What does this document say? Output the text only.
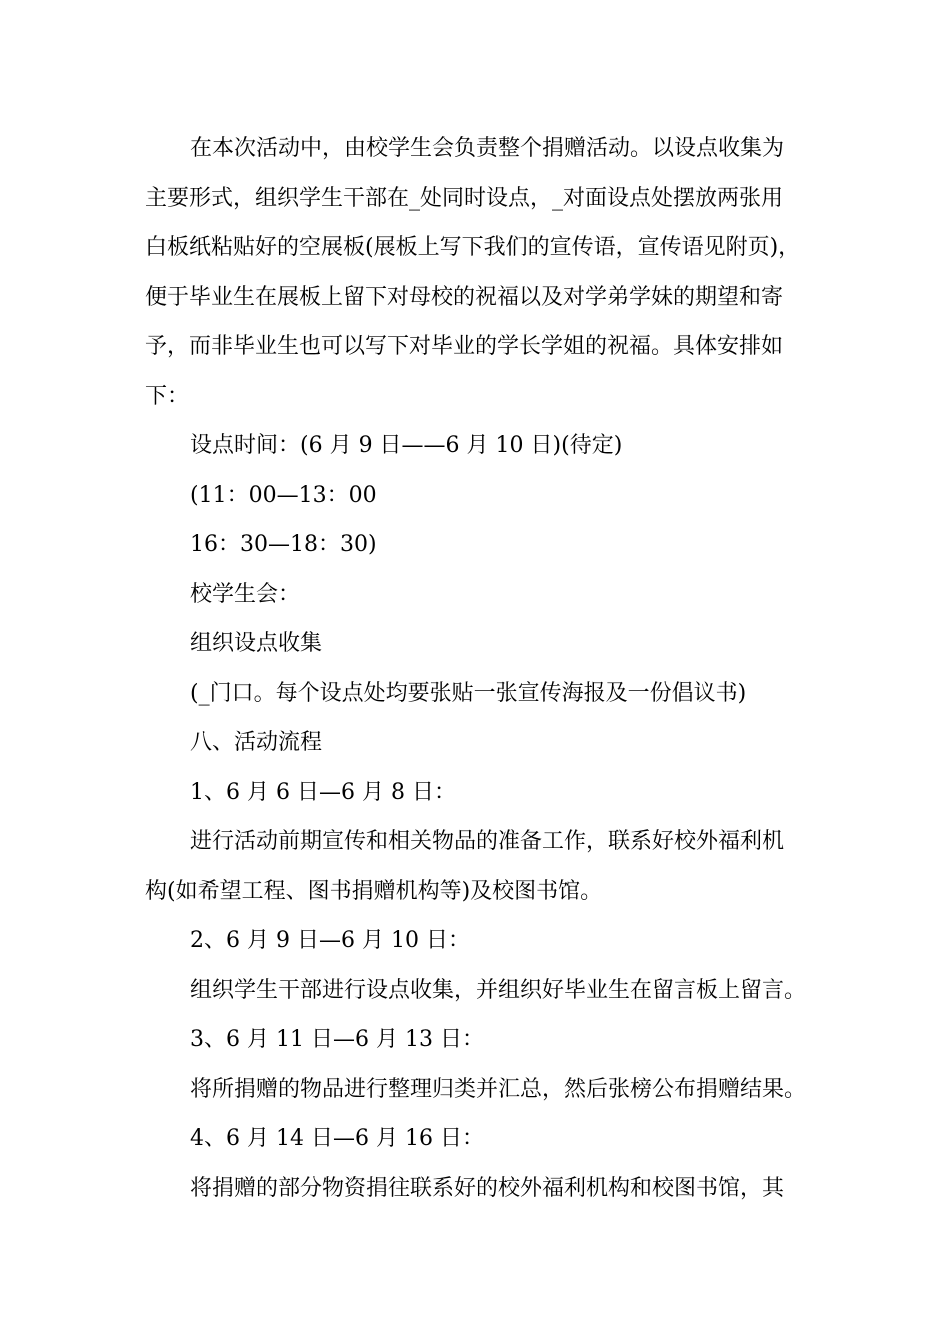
在本次活动中，由校学生会负责整个捐赠活动。以设点收集为
主要形式，组织学生干部在_处同时设点，_对面设点处摆放两张用
白板纸粘贴好的空展板(展板上写下我们的宣传语，宣传语见附页)，
便于毕业生在展板上留下对母校的祝福以及对学弟学妹的期望和寄
予，而非毕业生也可以写下对毕业的学长学姐的祝福。具体安排如
下：
设点时间：(6 月 9 日——6 月 10 日)(待定)
(11：00—13：00
16：30—18：30)
校学生会：
组织设点收集
(_门口。每个设点处均要张贴一张宣传海报及一份倡议书)
八、活动流程
1、6 月 6 日—6 月 8 日：
进行活动前期宣传和相关物品的准备工作，联系好校外福利机
构(如希望工程、图书捐赠机构等)及校图书馆。
2、6 月 9 日—6 月 10 日：
组织学生干部进行设点收集，并组织好毕业生在留言板上留言。
3、6 月 11 日—6 月 13 日：
将所捐赠的物品进行整理归类并汇总，然后张榜公布捐赠结果。
4、6 月 14 日—6 月 16 日：
将捐赠的部分物资捐往联系好的校外福利机构和校图书馆，其
